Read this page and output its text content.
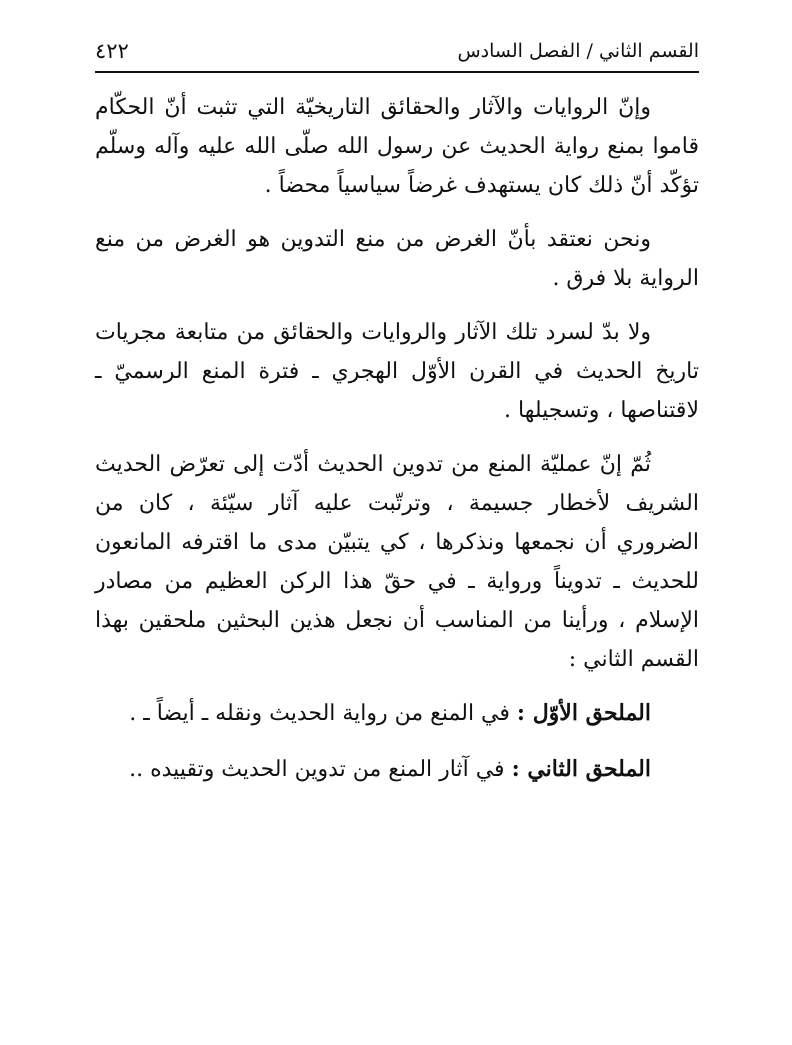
القسم الثاني / الفصل السادس
٤٢٢

وإنّ الروايات والآثار والحقائق التاريخيّة التي تثبت أنّ الحكّام قاموا بمنع رواية الحديث عن رسول الله صلّى الله عليه وآله وسلّم تؤكّد أنّ ذلك كان يستهدف غرضاً سياسياً محضاً .

ونحن نعتقد بأنّ الغرض من منع التدوين هو الغرض من منع الرواية بلا فرق .

ولا بدّ لسرد تلك الآثار والروايات والحقائق من متابعة مجريات تاريخ الحديث في القرن الأوّل الهجري ـ فترة المنع الرسميّ ـ لاقتناصها ، وتسجيلها .

ثُمّ إنّ عمليّة المنع من تدوين الحديث أدّت إلى تعرّض الحديث الشريف لأخطار جسيمة ، وترتّبت عليه آثار سيّئة ، كان من الضروري أن نجمعها ونذكرها ، كي يتبيّن مدى ما اقترفه المانعون للحديث ـ تدويناً ورواية ـ في حقّ هذا الركن العظيم من مصادر الإسلام ، ورأينا من المناسب أن نجعل هذين البحثين ملحقين بهذا القسم الثاني :

الملحق الأوّل : في المنع من رواية الحديث ونقله ـ أيضاً ـ .
الملحق الثاني : في آثار المنع من تدوين الحديث وتقييده ..
